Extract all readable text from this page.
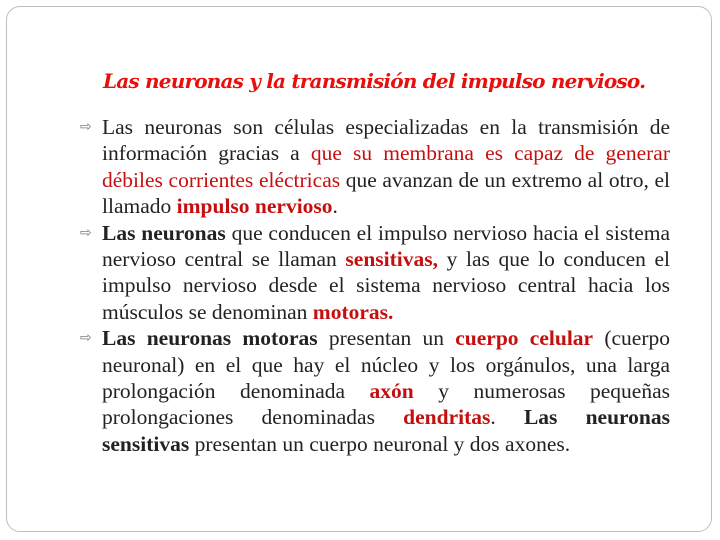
Las neuronas y la transmisión del impulso nervioso.
⇨ Las neuronas son células especializadas en la transmisión de información gracias a que su membrana es capaz de generar débiles corrientes eléctricas que avanzan de un extremo al otro, el llamado impulso nervioso.
⇨ Las neuronas que conducen el impulso nervioso hacia el sistema nervioso central se llaman sensitivas, y las que lo conducen el impulso nervioso desde el sistema nervioso central hacia los músculos se denominan motoras.
⇨ Las neuronas motoras presentan un cuerpo celular (cuerpo neuronal) en el que hay el núcleo y los orgánulos, una larga prolongación denominada axón y numerosas pequeñas prolongaciones denominadas dendritas. Las neuronas sensitivas presentan un cuerpo neuronal y dos axones.
